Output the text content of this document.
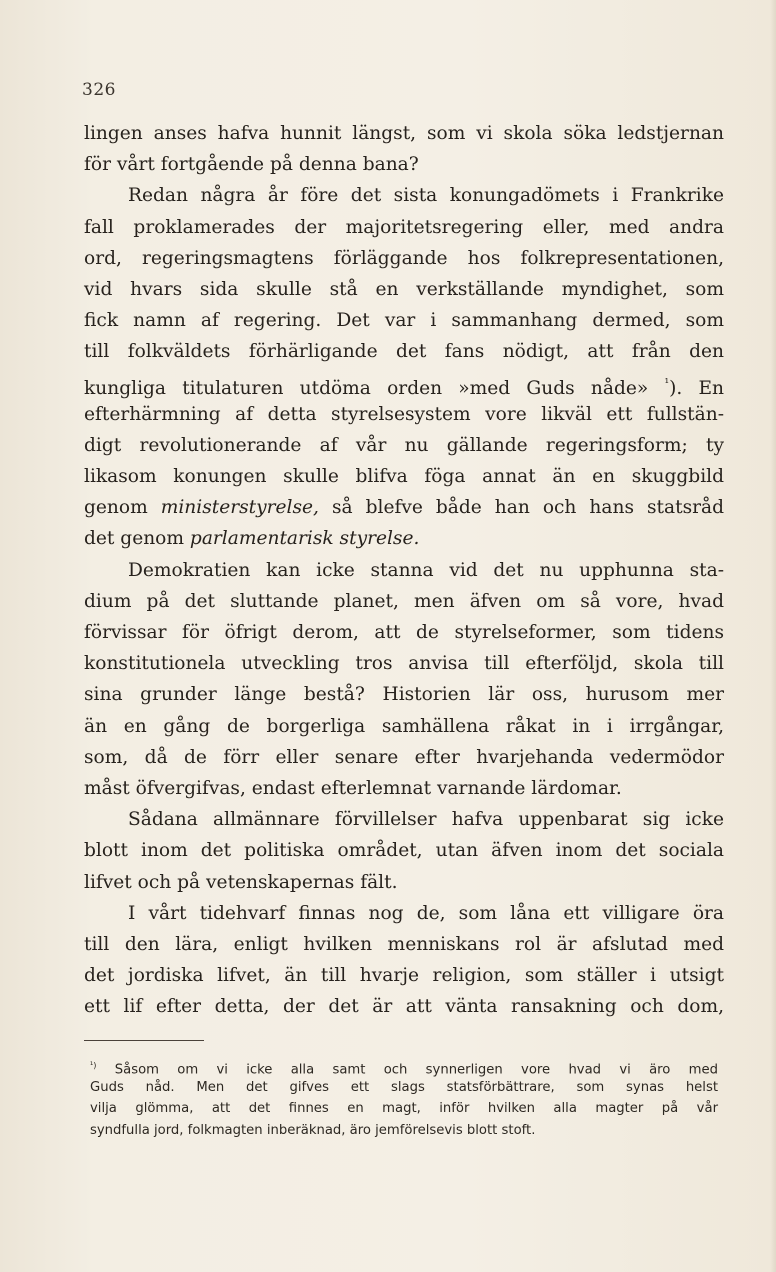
326
lingen anses hafva hunnit längst, som vi skola söka ledstjernan
för vårt fortgående på denna bana?
Redan några år före det sista konungadömets i Frankrike
fall proklamerades der majoritetsregering eller, med andra
ord, regeringsmagtens förläggande hos folkrepresentationen,
vid hvars sida skulle stå en verkställande myndighet, som
fick namn af regering. Det var i sammanhang dermed, som
till folkväldets förhärligande det fans nödigt, att från den
kungliga titulaturen utdöma orden »med Guds nåde» $^{^1}$). En
efterhärmning af detta styrelsesystem vore likväl ett fullstän-
digt revolutionerande af vår nu gällande regeringsform; ty
likasom konungen skulle blifva föga annat än en skuggbild
genom ministerstyrelse, så blefve både han och hans statsråd
det genom parlamentarisk styrelse.
Demokratien kan icke stanna vid det nu upphunna sta-
dium på det sluttande planet, men äfven om så vore, hvad
förvissar för öfrigt derom, att de styrelseformer, som tidens
konstitutionela utveckling tros anvisa till efterföljd, skola till
sina grunder länge bestå? Historien lär oss, hurusom mer
än en gång de borgerliga samhällena råkat in i irrgångar,
som, då de förr eller senare efter hvarjehanda vedermödor
måst öfvergifvas, endast efterlemnat varnande lärdomar.
Sådana allmännare förvillelser hafva uppenbarat sig icke
blott inom det politiska området, utan äfven inom det sociala
lifvet och på vetenskapernas fält.
I vårt tidehvarf finnas nog de, som låna ett villigare öra
till den lära, enligt hvilken menniskans rol är afslutad med
det jordiska lifvet, än till hvarje religion, som ställer i utsigt
ett lif efter detta, der det är att vänta ransakning och dom,
$^{^1)}$ Såsom om vi icke alla samt och synnerligen vore hvad vi äro med
Guds nåd. Men det gifves ett slags statsförbättrare, som synas helst
vilja glömma, att det finnes en magt, inför hvilken alla magter på vår
syndfulla jord, folkmagten inberäknad, äro jemförelsevis blott stoft.
